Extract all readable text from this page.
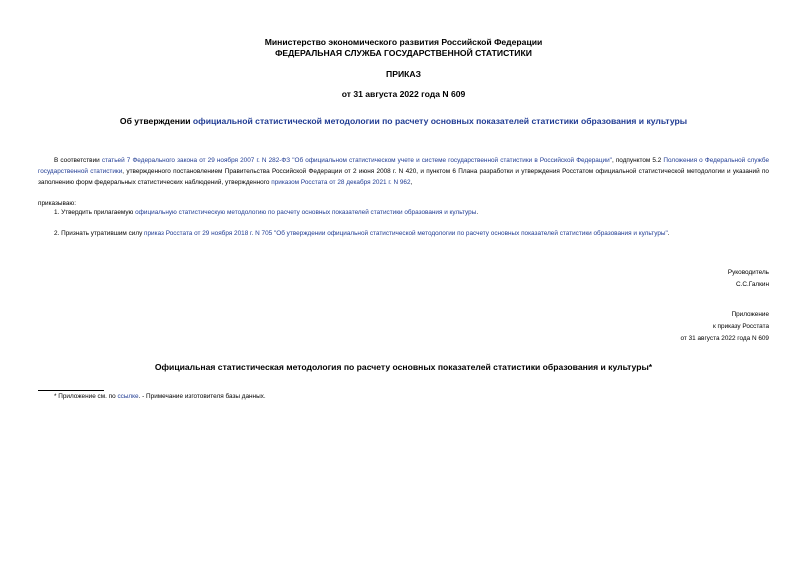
Министерство экономического развития Российской Федерации
ФЕДЕРАЛЬНАЯ СЛУЖБА ГОСУДАРСТВЕННОЙ СТАТИСТИКИ
ПРИКАЗ
от 31 августа 2022 года N 609
Об утверждении официальной статистической методологии по расчету основных показателей статистики образования и культуры
В соответствии статьей 7 Федерального закона от 29 ноября 2007 г. N 282-ФЗ "Об официальном статистическом учете и системе государственной статистики в Российской Федерации", подпунктом 5.2 Положения о Федеральной службе государственной статистики, утвержденного постановлением Правительства Российской Федерации от 2 июня 2008 г. N 420, и пунктом 6 Плана разработки и утверждения Росстатом официальной статистической методологии и указаний по заполнению форм федеральных статистических наблюдений, утвержденного приказом Росстата от 28 декабря 2021 г. N 962,
приказываю:
1. Утвердить прилагаемую официальную статистическую методологию по расчету основных показателей статистики образования и культуры.
2. Признать утратившим силу приказ Росстата от 29 ноября 2018 г. N 705 "Об утверждении официальной статистической методологии по расчету основных показателей статистики образования и культуры".
Руководитель
С.С.Галкин
Приложение
к приказу Росстата
от 31 августа 2022 года N 609
Официальная статистическая методология по расчету основных показателей статистики образования и культуры*
* Приложение см. по ссылке. - Примечание изготовителя базы данных.
